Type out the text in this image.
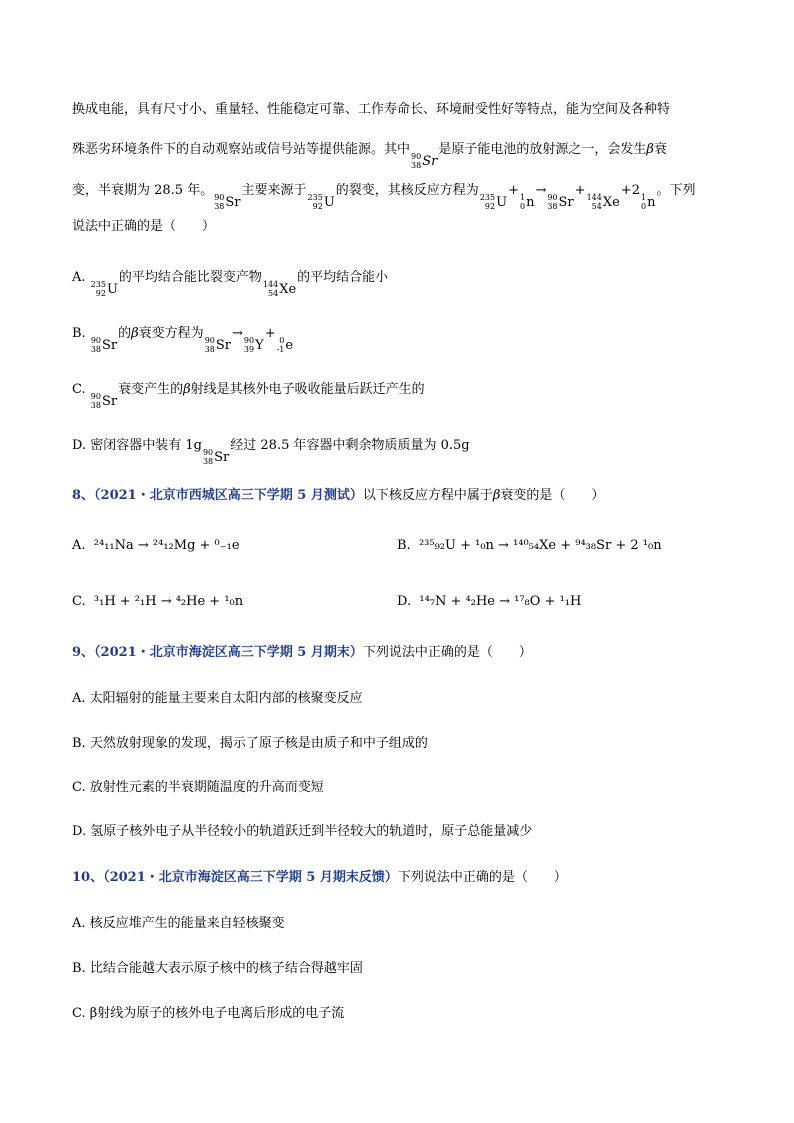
换成电能，具有尺寸小、重量轻、性能稳定可靠、工作寿命长、环境耐受性好等特点，能为空间及各种特
殊恶劣环境条件下的自动观察站或信号站等提供能源。其中 90
38 Sr
是原子能电池的放射源之一，会发生β衰
变，半衰期为 28.5 年。 90
38 Sr
主要来源于 235
92 U
的裂变，其核反应方程为 235
92 U
+ 1
0 n
→ 90
38 Sr
+ 144
54 Xe
+2 1
0 n
。下列
说法中正确的是（　　）
A. 235
92 U
的平均结合能比裂变产物 144
54 Xe
的平均结合能小
B. 90
38 Sr
的β衰变方程为 90
38 Sr
→ 90
39 Y
+ 0
-1 e
C. 90
38 Sr
衰变产生的β射线是其核外电子吸收能量后跃迁产生的
D. 密闭容器中装有 1g 90
38 Sr
经过 28.5 年容器中剩余物质质量为 0.5g
8、（2021・北京市西城区高三下学期 5 月测试）以下核反应方程中属于β衰变的是（　　）
A. ²⁴₁₁Na → ²⁴₁₂Mg + ⁰₋₁e	B. ²³⁵₉₂U + ¹₀n → ¹⁴⁰₅₄Xe + ⁹⁴₃₈Sr + 2 ¹₀n
C. ³₁H + ²₁H → ⁴₂He + ¹₀n	D. ¹⁴₇N + ⁴₂He → ¹⁷₈O + ¹₁H
9、（2021・北京市海淀区高三下学期 5 月期末）下列说法中正确的是（　　）
A. 太阳辐射的能量主要来自太阳内部的核聚变反应
B. 天然放射现象的发现，揭示了原子核是由质子和中子组成的
C. 放射性元素的半衰期随温度的升高而变短
D. 氢原子核外电子从半径较小的轨道跃迁到半径较大的轨道时，原子总能量减少
10、（2021・北京市海淀区高三下学期 5 月期末反馈）下列说法中正确的是（　　）
A. 核反应堆产生的能量来自轻核聚变
B. 比结合能越大表示原子核中的核子结合得越牢固
C. β射线为原子的核外电子电离后形成的电子流
